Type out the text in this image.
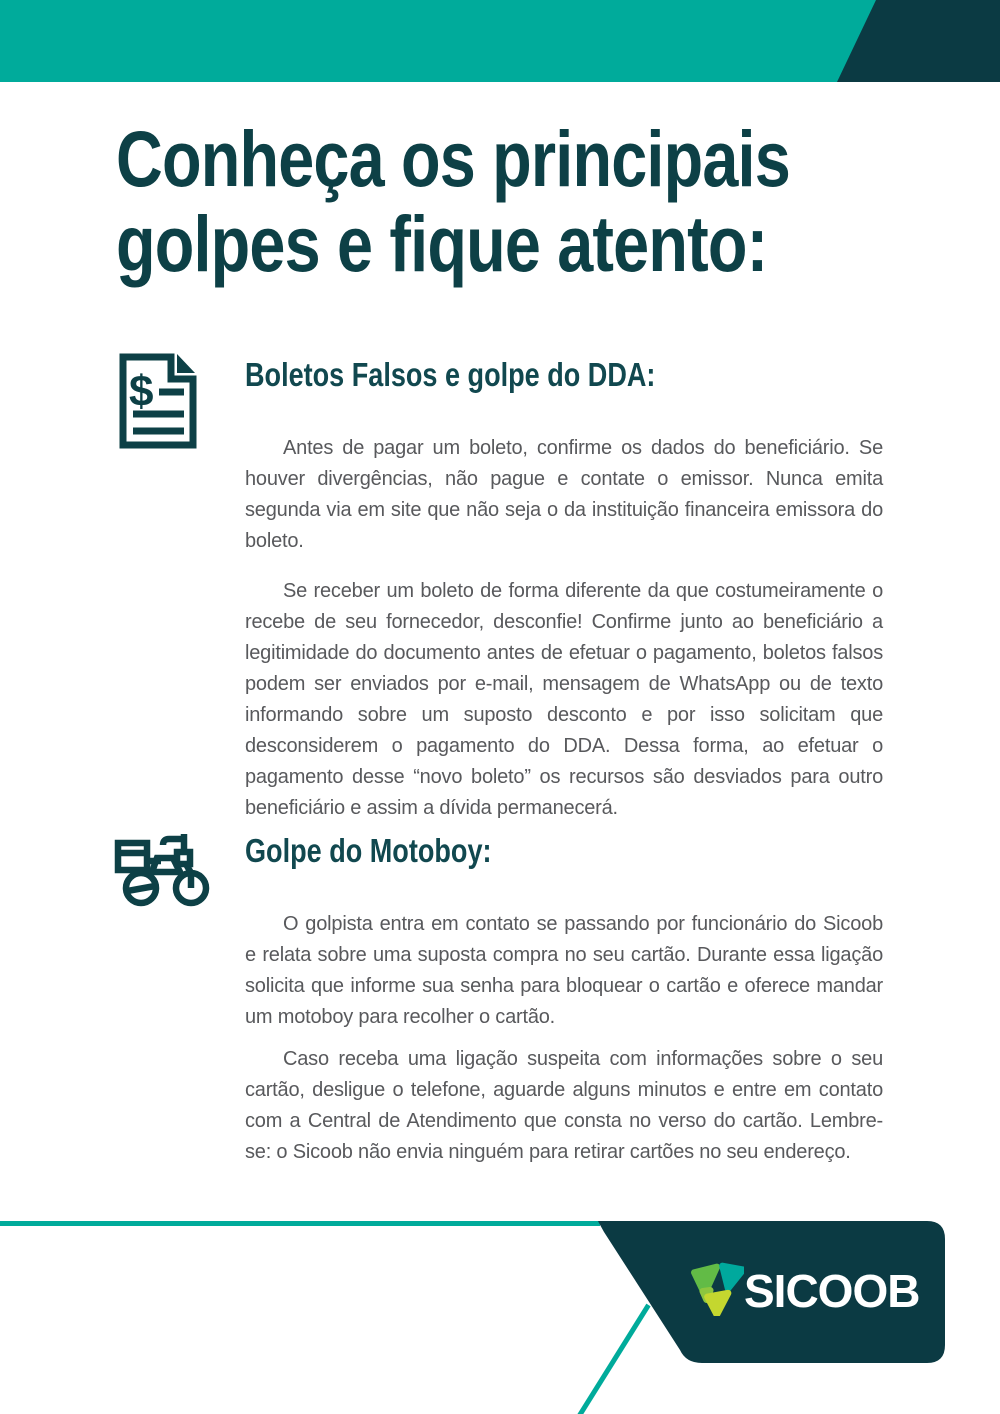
Conheça os principais
golpes e fique atento:
$	Boletos Falsos e golpe do DDA:

Antes de pagar um boleto, confirme os dados do beneficiário. Se houver divergências, não pague e contate o emissor. Nunca emita segunda via em site que não seja o da instituição financeira emissora do boleto.

Se receber um boleto de forma diferente da que costumeiramente o recebe de seu fornecedor, desconfie! Confirme junto ao beneficiário a legitimidade do documento antes de efetuar o pagamento, boletos falsos podem ser enviados por e-mail, mensagem de WhatsApp ou de texto informando sobre um suposto desconto e por isso solicitam que desconsiderem o pagamento do DDA. Dessa forma, ao efetuar o pagamento desse “novo boleto” os recursos são desviados para outro beneficiário e assim a dívida permanecerá.

Golpe do Motoboy:

O golpista entra em contato se passando por funcionário do Sicoob e relata sobre uma suposta compra no seu cartão. Durante essa ligação solicita que informe sua senha para bloquear o cartão e oferece mandar um motoboy para recolher o cartão.

Caso receba uma ligação suspeita com informações sobre o seu cartão, desligue o telefone, aguarde alguns minutos e entre em contato com a Central de Atendimento que consta no verso do cartão. Lembre-se: o Sicoob não envia ninguém para retirar cartões no seu endereço.

SICOOB
